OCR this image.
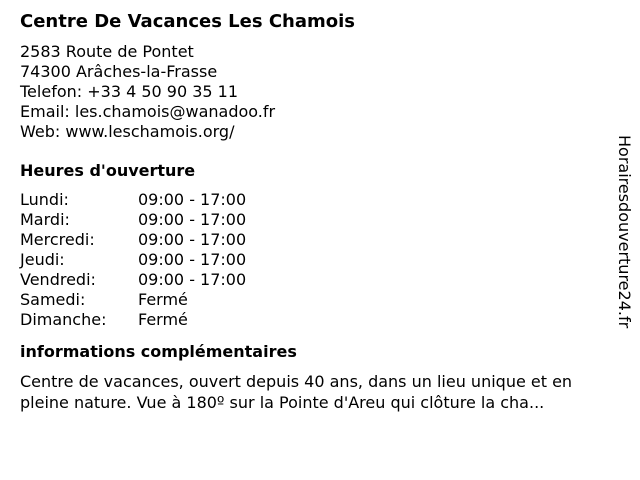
Centre De Vacances Les Chamois
2583 Route de Pontet
74300 Arâches-la-Frasse
Telefon: +33 4 50 90 35 11
Email: les.chamois@wanadoo.fr
Web: www.leschamois.org/
Heures d'ouverture
Lundi:	09:00 - 17:00
Mardi:	09:00 - 17:00
Mercredi:	09:00 - 17:00
Jeudi:	09:00 - 17:00
Vendredi:	09:00 - 17:00
Samedi:	Fermé
Dimanche:	Fermé
informations complémentaires
Centre de vacances, ouvert depuis 40 ans, dans un lieu unique et en pleine nature. Vue à 180º sur la Pointe d'Areu qui clôture la cha...
Horairesdouverture24.fr
